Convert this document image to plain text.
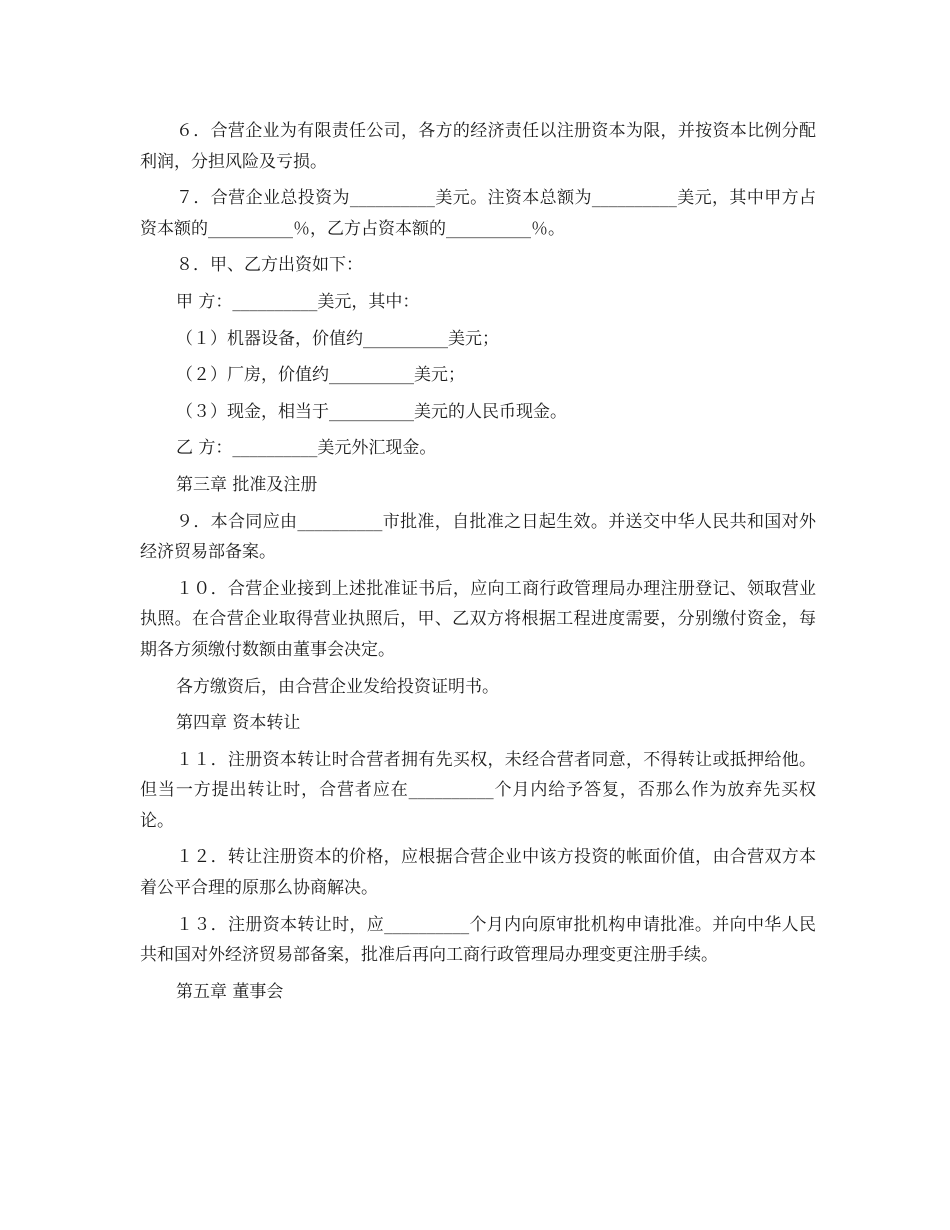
６．合营企业为有限责任公司，各方的经济责任以注册资本为限，并按资本比例分配利润，分担风险及亏损。

７．合营企业总投资为__________美元。注资本总额为__________美元，其中甲方占资本额的__________％，乙方占资本额的__________％。

８．甲、乙方出资如下：

甲 方：__________美元，其中：

（１）机器设备，价值约__________美元；

（２）厂房，价值约__________美元；

（３）现金，相当于__________美元的人民币现金。

乙 方：__________美元外汇现金。

第三章 批准及注册

９．本合同应由__________市批准，自批准之日起生效。并送交中华人民共和国对外经济贸易部备案。

１０．合营企业接到上述批准证书后，应向工商行政管理局办理注册登记、领取营业执照。在合营企业取得营业执照后，甲、乙双方将根据工程进度需要，分别缴付资金，每期各方须缴付数额由董事会决定。

各方缴资后，由合营企业发给投资证明书。

第四章 资本转让

１１．注册资本转让时合营者拥有先买权，未经合营者同意，不得转让或抵押给他。但当一方提出转让时，合营者应在__________个月内给予答复，否那么作为放弃先买权论。

１２．转让注册资本的价格，应根据合营企业中该方投资的帐面价值，由合营双方本着公平合理的原那么协商解决。

１３．注册资本转让时，应__________个月内向原审批机构申请批准。并向中华人民共和国对外经济贸易部备案，批准后再向工商行政管理局办理变更注册手续。

第五章 董事会
